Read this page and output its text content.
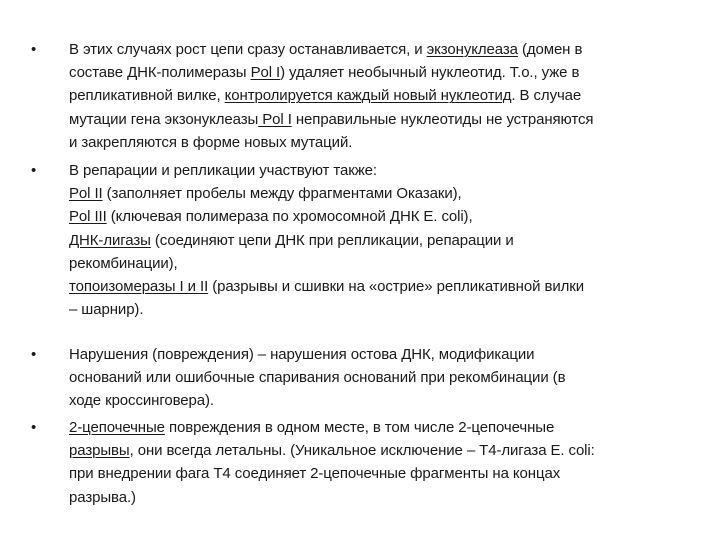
• В этих случаях рост цепи сразу останавливается, и экзонуклеаза (домен в
составе ДНК-полимеразы Pol I) удаляет необычный нуклеотид. Т.о., уже в
репликативной вилке, контролируется каждый новый нуклеотид. В случае
мутации гена экзонуклеазы Pol I неправильные нуклеотиды не устраняются
и закрепляются в форме новых мутаций.
• В репарации и репликации участвуют также:
Pol II (заполняет пробелы между фрагментами Оказаки),
Pol III (ключевая полимераза по хромосомной ДНК E. coli),
ДНК-лигазы (соединяют цепи ДНК при репликации, репарации и
рекомбинации),
топоизомеразы I и II (разрывы и сшивки на «острие» репликативной вилки
– шарнир).
• Нарушения (повреждения) – нарушения остова ДНК, модификации
оснований или ошибочные спаривания оснований при рекомбинации (в
ходе кроссинговера).
• 2-цепочечные повреждения в одном месте, в том числе 2-цепочечные
разрывы, они всегда летальны. (Уникальное исключение – Т4-лигаза E. coli:
при внедрении фага Т4 соединяет 2-цепочечные фрагменты на концах
разрыва.)
